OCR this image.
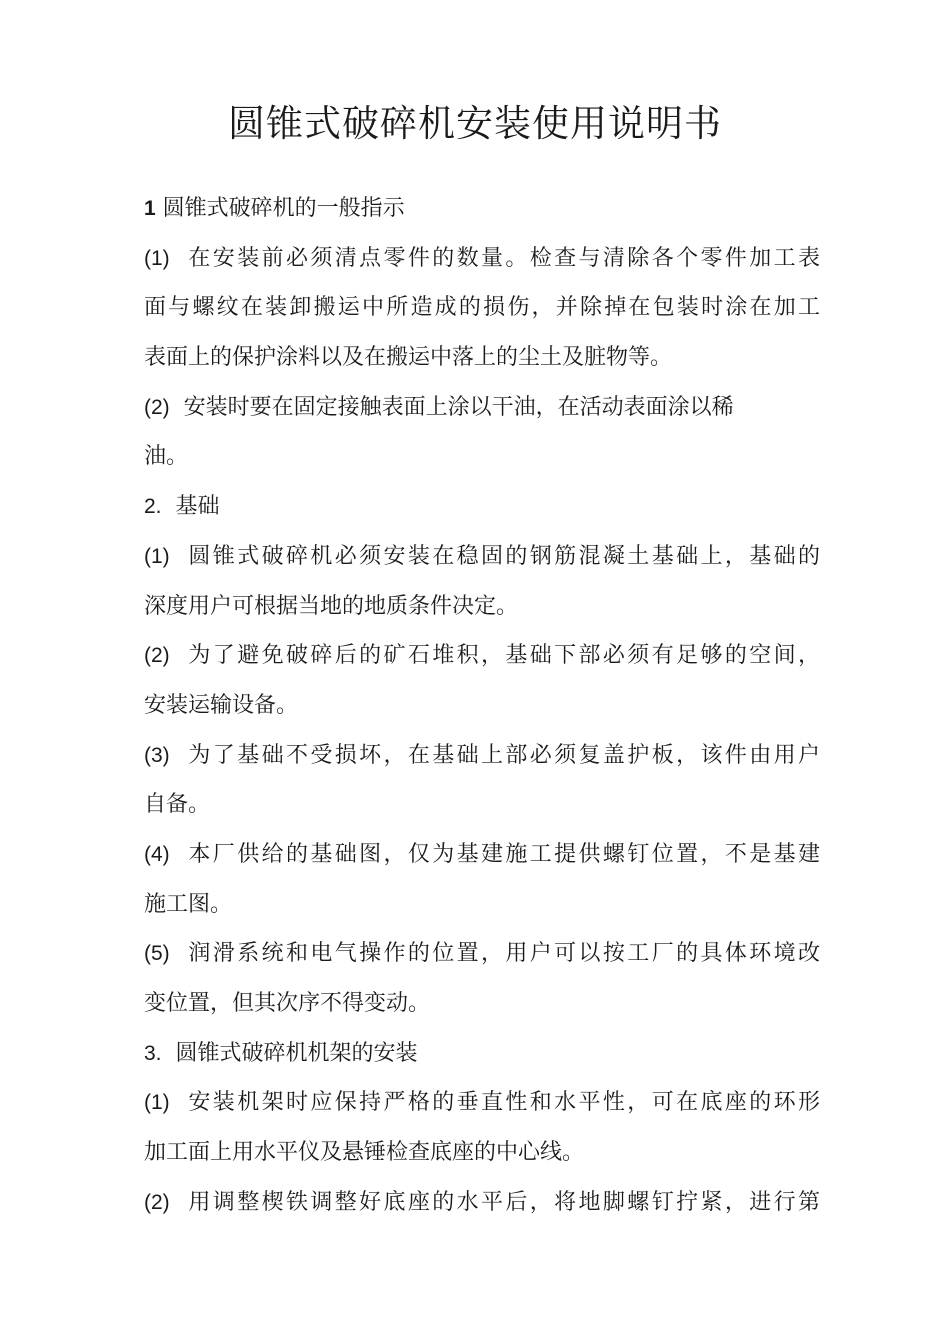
圆锥式破碎机安装使用说明书
1 圆锥式破碎机的一般指示
(1)  在安装前必须清点零件的数量。检查与清除各个零件加工表
面与螺纹在装卸搬运中所造成的损伤，并除掉在包装时涂在加工
表面上的保护涂料以及在搬运中落上的尘土及脏物等。
(2)  安装时要在固定接触表面上涂以干油，在活动表面涂以稀
油。
2.  基础
(1)  圆锥式破碎机必须安装在稳固的钢筋混凝土基础上，基础的
深度用户可根据当地的地质条件决定。
(2)  为了避免破碎后的矿石堆积，基础下部必须有足够的空间，
安装运输设备。
(3)  为了基础不受损坏，在基础上部必须复盖护板，该件由用户
自备。
(4)  本厂供给的基础图，仅为基建施工提供螺钉位置，不是基建
施工图。
(5)  润滑系统和电气操作的位置，用户可以按工厂的具体环境改
变位置，但其次序不得变动。
3.  圆锥式破碎机机架的安装
(1)  安装机架时应保持严格的垂直性和水平性，可在底座的环形
加工面上用水平仪及悬锤检查底座的中心线。
(2)  用调整楔铁调整好底座的水平后，将地脚螺钉拧紧，进行第
